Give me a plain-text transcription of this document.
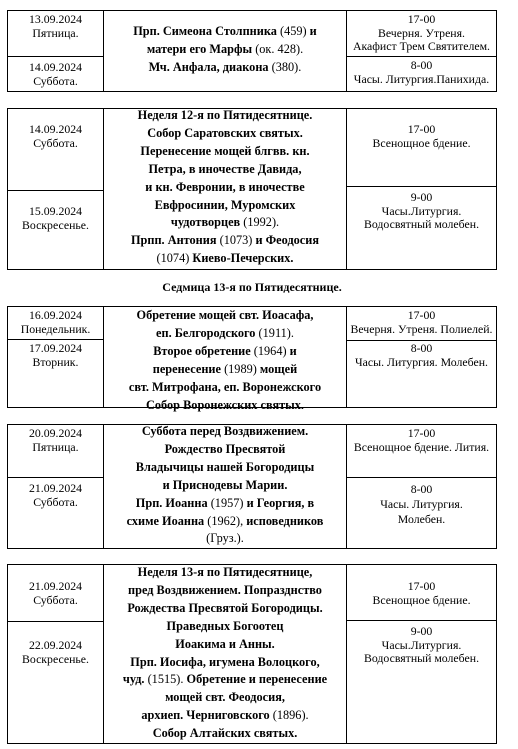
13.09.2024
Пятница.
14.09.2024
Суббота.
Прп. Симеона Столпника (459) и
матери его Марфы (ок. 428).
Мч. Анфала, диакона (380).
17-00
Вечерня. Утреня.
Акафист Трем Святителем.
8-00
Часы. Литургия.Панихида.
14.09.2024
Суббота.
15.09.2024
Воскресенье.
Неделя 12-я по Пятидесятнице.
Собор Саратовских святых.
Перенесение мощей блгвв. кн.
Петра, в иночестве Давида,
и кн. Февронии, в иночестве
Евфросинии, Муромских
чудотворцев (1992).
Прпп. Антония (1073) и Феодосия
(1074) Киево-Печерских.
17-00
Всенощное бдение.
9-00
Часы.Литургия.
Водосвятный молебен.
Седмица 13-я по Пятидесятнице.
16.09.2024
Понедельник.
17.09.2024
Вторник.
Обретение мощей свт. Иоасафа,
еп. Белгородского (1911).
Второе обретение (1964) и
перенесение (1989) мощей
свт. Митрофана, еп. Воронежского
Собор Воронежских святых.
17-00
Вечерня. Утреня. Полиелей.
8-00
Часы. Литургия. Молебен.
20.09.2024
Пятница.
21.09.2024
Суббота.
Суббота перед Воздвижением.
Рождество Пресвятой
Владычицы нашей Богородицы
и Приснодевы Марии.
Прп. Иоанна (1957) и Георгия, в
схиме Иоанна (1962), исповедников
(Груз.).
17-00
Всенощное бдение. Лития.
8-00
Часы. Литургия.
Молебен.
21.09.2024
Суббота.
22.09.2024
Воскресенье.
Неделя 13-я по Пятидесятнице,
пред Воздвижением. Попразднство
Рождества Пресвятой Богородицы.
Праведных Богоотец
Иоакима и Анны.
Прп. Иосифа, игумена Волоцкого,
чуд. (1515). Обретение и перенесение
мощей свт. Феодосия,
архиеп. Черниговского (1896).
Собор Алтайских святых.
17-00
Всенощное бдение.
9-00
Часы.Литургия.
Водосвятный молебен.
